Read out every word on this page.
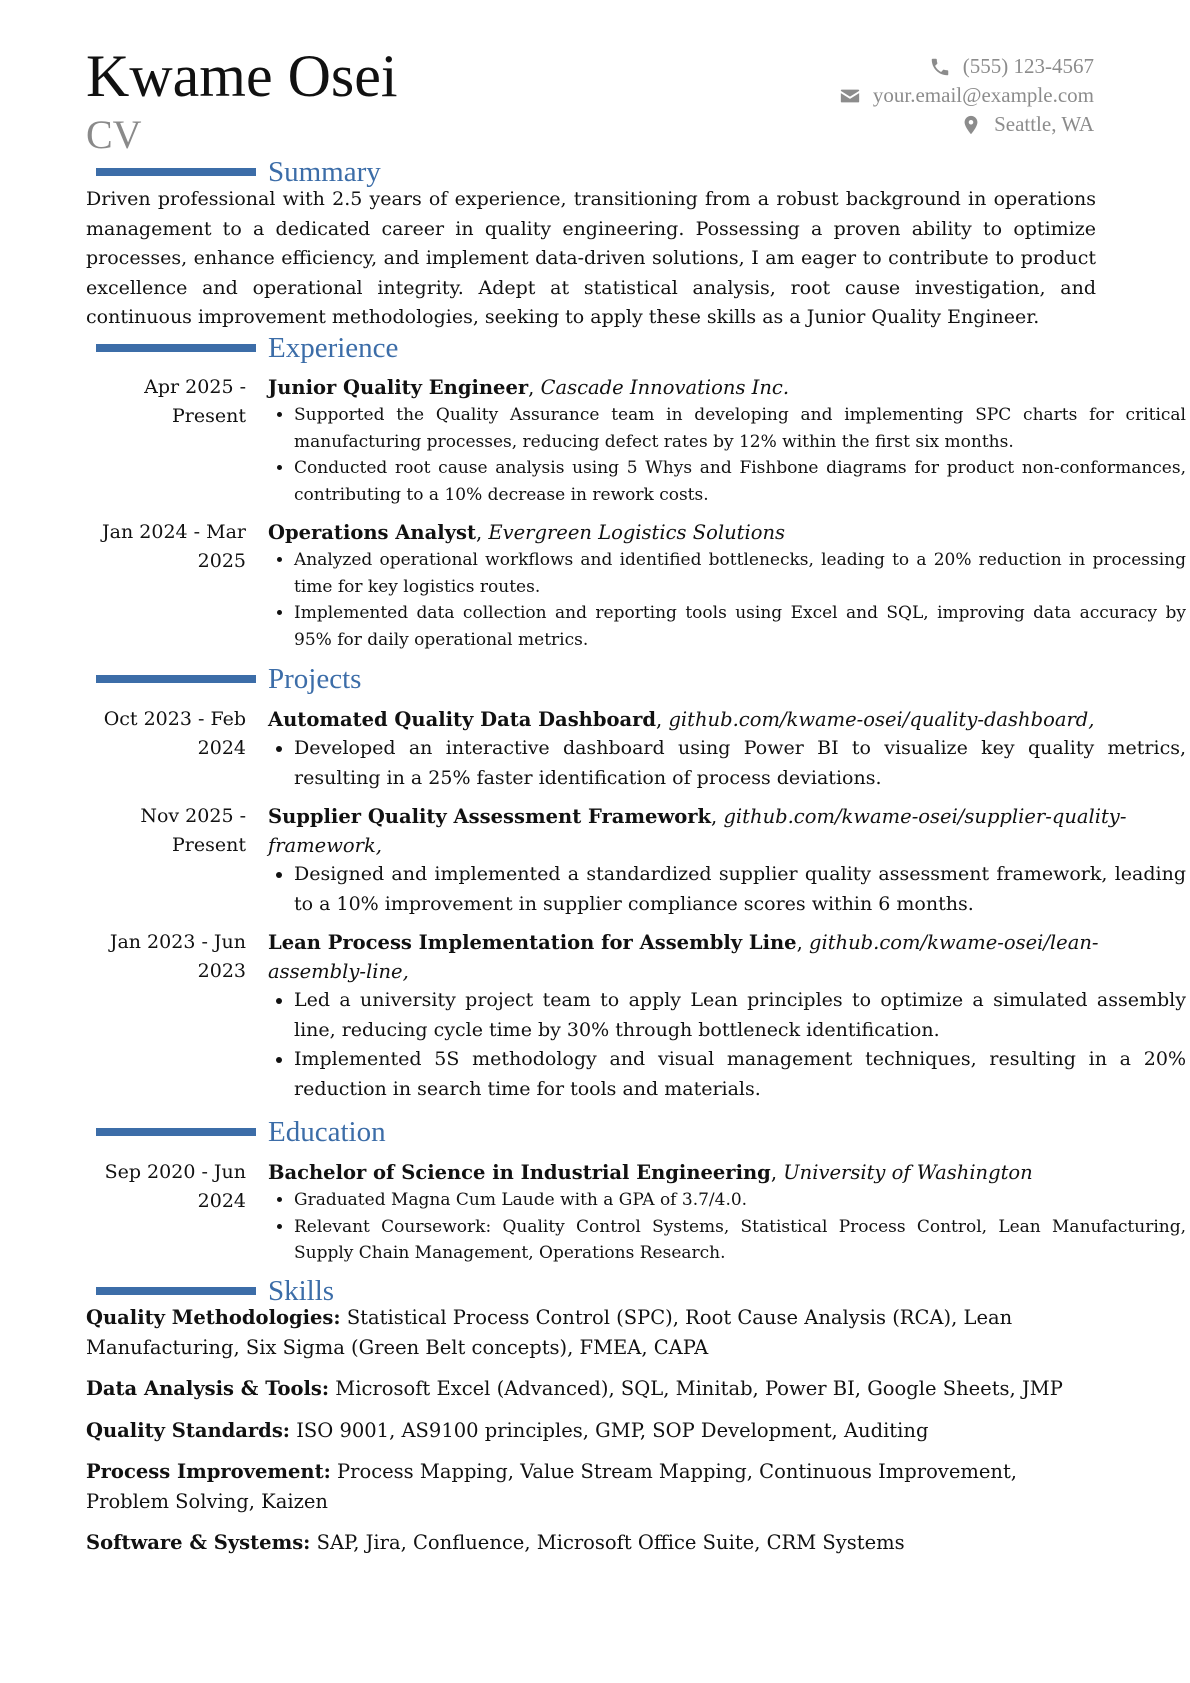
Kwame Osei
CV
(555) 123-4567
your.email@example.com
Seattle, WA
Summary
Driven professional with 2.5 years of experience, transitioning from a robust background in operations management to a dedicated career in quality engineering. Possessing a proven ability to optimize processes, enhance efficiency, and implement data-driven solutions, I am eager to contribute to product excellence and operational integrity. Adept at statistical analysis, root cause investigation, and continuous improvement methodologies, seeking to apply these skills as a Junior Quality Engineer.
Experience
Apr 2025 -
Present
Junior Quality Engineer, Cascade Innovations Inc.
• Supported the Quality Assurance team in developing and implementing SPC charts for critical manufacturing processes, reducing defect rates by 12% within the first six months.
• Conducted root cause analysis using 5 Whys and Fishbone diagrams for product non-conformances, contributing to a 10% decrease in rework costs.
Jan 2024 - Mar
2025
Operations Analyst, Evergreen Logistics Solutions
• Analyzed operational workflows and identified bottlenecks, leading to a 20% reduction in processing time for key logistics routes.
• Implemented data collection and reporting tools using Excel and SQL, improving data accuracy by 95% for daily operational metrics.
Projects
Oct 2023 - Feb
2024
Automated Quality Data Dashboard, github.com/kwame-osei/quality-dashboard,
• Developed an interactive dashboard using Power BI to visualize key quality metrics, resulting in a 25% faster identification of process deviations.
Nov 2025 -
Present
Supplier Quality Assessment Framework, github.com/kwame-osei/supplier-quality-framework,
• Designed and implemented a standardized supplier quality assessment framework, leading to a 10% improvement in supplier compliance scores within 6 months.
Jan 2023 - Jun
2023
Lean Process Implementation for Assembly Line, github.com/kwame-osei/lean-assembly-line,
• Led a university project team to apply Lean principles to optimize a simulated assembly line, reducing cycle time by 30% through bottleneck identification.
• Implemented 5S methodology and visual management techniques, resulting in a 20% reduction in search time for tools and materials.
Education
Sep 2020 - Jun
2024
Bachelor of Science in Industrial Engineering, University of Washington
• Graduated Magna Cum Laude with a GPA of 3.7/4.0.
• Relevant Coursework: Quality Control Systems, Statistical Process Control, Lean Manufacturing, Supply Chain Management, Operations Research.
Skills
Quality Methodologies: Statistical Process Control (SPC), Root Cause Analysis (RCA), Lean Manufacturing, Six Sigma (Green Belt concepts), FMEA, CAPA
Data Analysis & Tools: Microsoft Excel (Advanced), SQL, Minitab, Power BI, Google Sheets, JMP
Quality Standards: ISO 9001, AS9100 principles, GMP, SOP Development, Auditing
Process Improvement: Process Mapping, Value Stream Mapping, Continuous Improvement, Problem Solving, Kaizen
Software & Systems: SAP, Jira, Confluence, Microsoft Office Suite, CRM Systems
